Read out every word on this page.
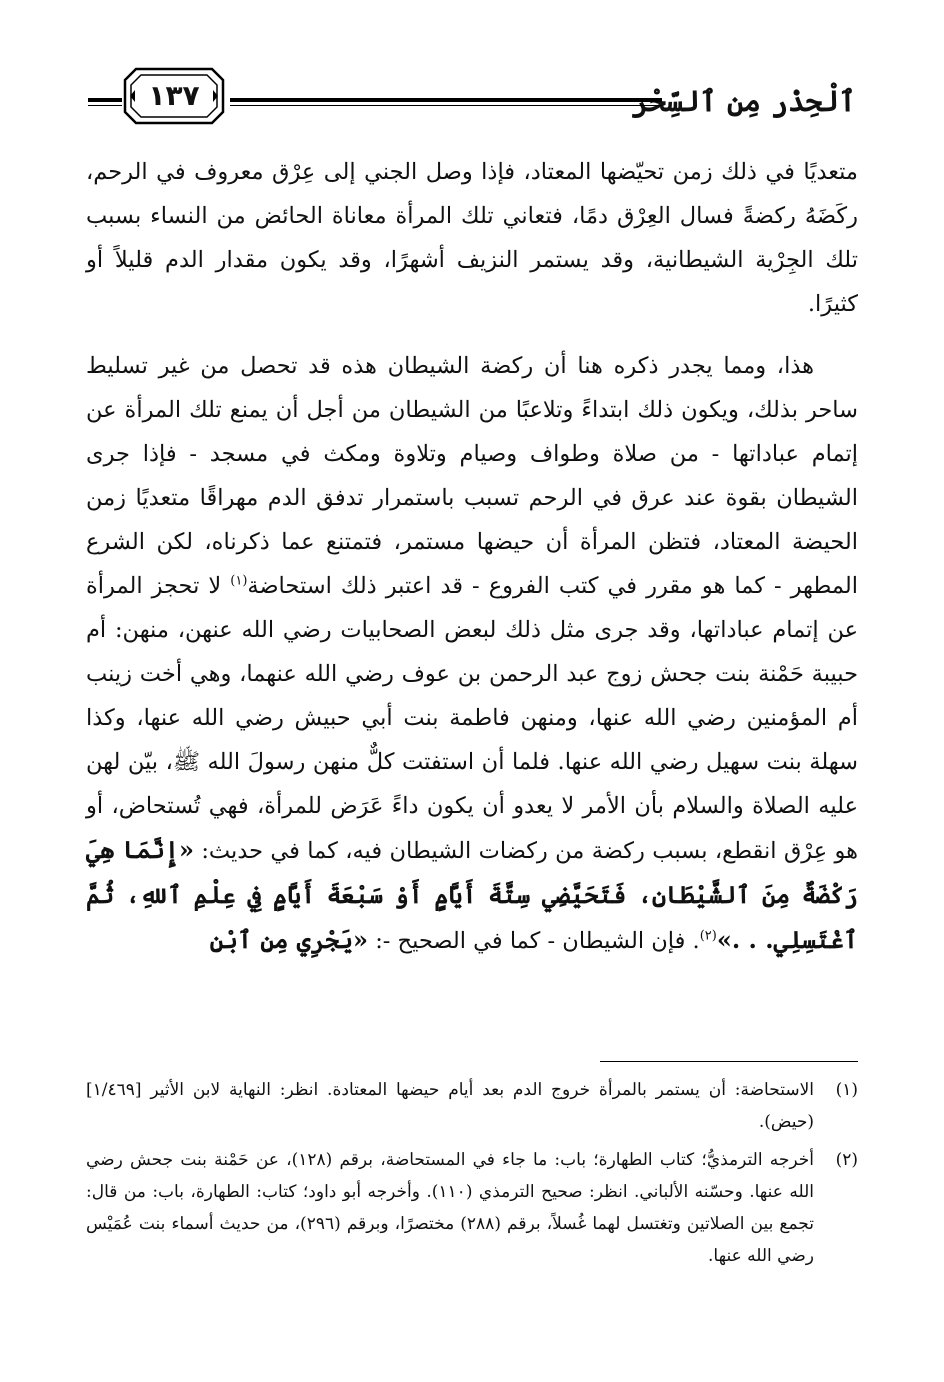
ٱلْحِذْر مِن ٱلسِّحْر
١٣٧

متعديًا في ذلك زمن تحيّضها المعتاد، فإذا وصل الجني إلى عِرْق معروف في الرحم، ركَضَهُ ركضةً فسال العِرْق دمًا، فتعاني تلك المرأة معاناة الحائض من النساء بسبب تلك الجِرْية الشيطانية، وقد يستمر النزيف أشهرًا، وقد يكون مقدار الدم قليلاً أو كثيرًا.

هذا، ومما يجدر ذكره هنا أن ركضة الشيطان هذه قد تحصل من غير تسليط ساحر بذلك، ويكون ذلك ابتداءً وتلاعبًا من الشيطان من أجل أن يمنع تلك المرأة عن إتمام عباداتها - من صلاة وطواف وصيام وتلاوة ومكث في مسجد - فإذا جرى الشيطان بقوة عند عرق في الرحم تسبب باستمرار تدفق الدم مهراقًا متعديًا زمن الحيضة المعتاد، فتظن المرأة أن حيضها مستمر، فتمتنع عما ذكرناه، لكن الشرع المطهر - كما هو مقرر في كتب الفروع - قد اعتبر ذلك استحاضة$^{(١)}$ لا تحجز المرأة عن إتمام عباداتها، وقد جرى مثل ذلك لبعض الصحابيات رضي الله عنهن، منهن: أم حبيبة حَمْنة بنت جحش زوج عبد الرحمن بن عوف رضي الله عنهما، وهي أخت زينب أم المؤمنين رضي الله عنها، ومنهن فاطمة بنت أبي حبيش رضي الله عنها، وكذا سهلة بنت سهيل رضي الله عنها. فلما أن استفتت كلٌّ منهن رسولَ الله ﷺ، بيّن لهن عليه الصلاة والسلام بأن الأمر لا يعدو أن يكون داءً عَرَض للمرأة، فهي تُستحاض، أو هو عِرْق انقطع، بسبب ركضة من ركضات الشيطان فيه، كما في حديث: «إِنَّمَا هِيَ رَكْضَةٌ مِنَ ٱلشَّيْطَانِ، فَتَحَيَّضِي سِتَّةَ أَيَّامٍ أَوْ سَبْعَةَ أَيَّامٍ فِي عِلْمِ ٱللهِ، ثُمَّ ٱغْتَسِلِي. . .»$^{(٢)}$. فإن الشيطان - كما في الصحيح -: «يَجْرِي مِنِ ٱبْنِ

(١)
الاستحاضة: أن يستمر بالمرأة خروج الدم بعد أيام حيضها المعتادة. انظر: النهاية لابن الأثير [١/٤٦٩] (حيض).

(٢)
أخرجه الترمذيُّ؛ كتاب الطهارة؛ باب: ما جاء في المستحاضة، برقم (١٢٨)، عن حَمْنة بنت جحش رضي الله عنها. وحسّنه الألباني. انظر: صحيح الترمذي (١١٠). وأخرجه أبو داود؛ كتاب: الطهارة، باب: من قال: تجمع بين الصلاتين وتغتسل لهما غُسلاً، برقم (٢٨٨) مختصرًا، وبرقم (٢٩٦)، من حديث أسماء بنت عُمَيْس رضي الله عنها.
